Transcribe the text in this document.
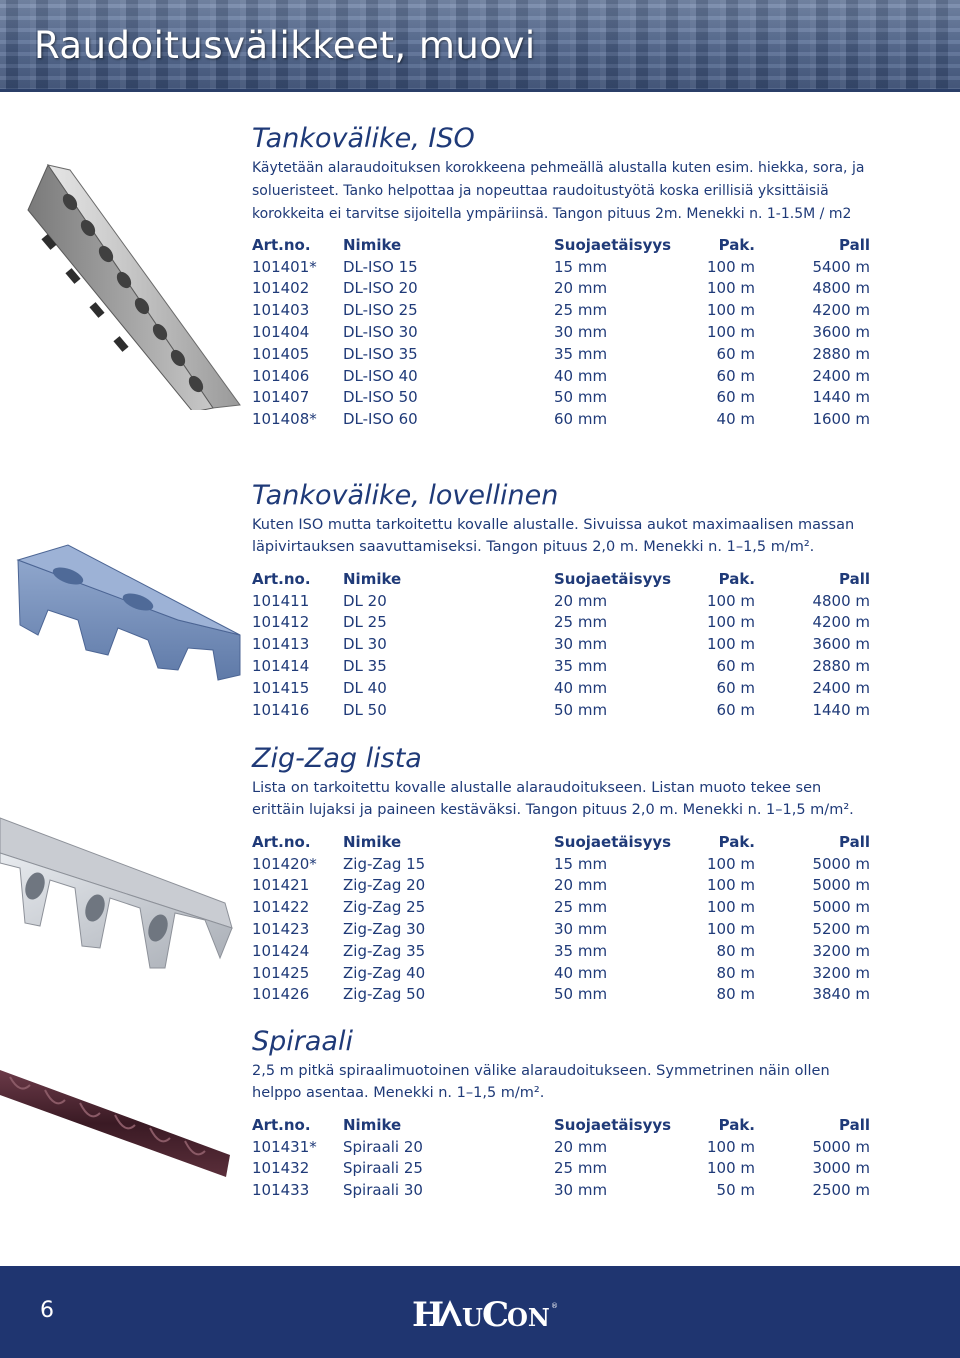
Raudoitusvälikkeet, muovi
Tankovälike, ISO
Käytetään alaraudoituksen korokkeena pehmeällä alustalla kuten esim. hiekka, sora, ja solueristeet. Tanko helpottaa ja nopeuttaa raudoitustyötä koska erillisiä yksittäisiä korokkeita ei tarvitse sijoitella ympäriinsä. Tangon pituus 2m. Menekki n. 1-1.5M / m2
Art.no.	Nimike	Suojaetäisyys	Pak.	Pall
101401*	DL-ISO 15	15 mm	100 m	5400 m
101402	DL-ISO 20	20 mm	100 m	4800 m
101403	DL-ISO 25	25 mm	100 m	4200 m
101404	DL-ISO 30	30 mm	100 m	3600 m
101405	DL-ISO 35	35 mm	60 m	2880 m
101406	DL-ISO 40	40 mm	60 m	2400 m
101407	DL-ISO 50	50 mm	60 m	1440 m
101408*	DL-ISO 60	60 mm	40 m	1600 m
Tankovälike, lovellinen
Kuten ISO mutta tarkoitettu kovalle alustalle. Sivuissa aukot maximaalisen massan läpivirtauksen saavuttamiseksi. Tangon pituus 2,0 m. Menekki n. 1–1,5 m/m².
Art.no.	Nimike	Suojaetäisyys	Pak.	Pall
101411	DL 20	20 mm	100 m	4800 m
101412	DL 25	25 mm	100 m	4200 m
101413	DL 30	30 mm	100 m	3600 m
101414	DL 35	35 mm	60 m	2880 m
101415	DL 40	40 mm	60 m	2400 m
101416	DL 50	50 mm	60 m	1440 m
Zig-Zag lista
Lista on tarkoitettu kovalle alustalle alaraudoitukseen. Listan muoto tekee sen erittäin lujaksi ja paineen kestäväksi. Tangon pituus 2,0 m. Menekki n. 1–1,5 m/m².
Art.no.	Nimike	Suojaetäisyys	Pak.	Pall
101420*	Zig-Zag 15	15 mm	100 m	5000 m
101421	Zig-Zag 20	20 mm	100 m	5000 m
101422	Zig-Zag 25	25 mm	100 m	5000 m
101423	Zig-Zag 30	30 mm	100 m	5200 m
101424	Zig-Zag 35	35 mm	80 m	3200 m
101425	Zig-Zag 40	40 mm	80 m	3200 m
101426	Zig-Zag 50	50 mm	80 m	3840 m
Spiraali
2,5 m pitkä spiraalimuotoinen välike alaraudoitukseen. Symmetrinen näin ollen helppo asentaa. Menekki n. 1–1,5 m/m².
Art.no.	Nimike	Suojaetäisyys	Pak.	Pall
101431*	Spiraali 20	20 mm	100 m	5000 m
101432	Spiraali 25	25 mm	100 m	3000 m
101433	Spiraali 30	30 mm	50 m	2500 m
6	H U C
ON ®
